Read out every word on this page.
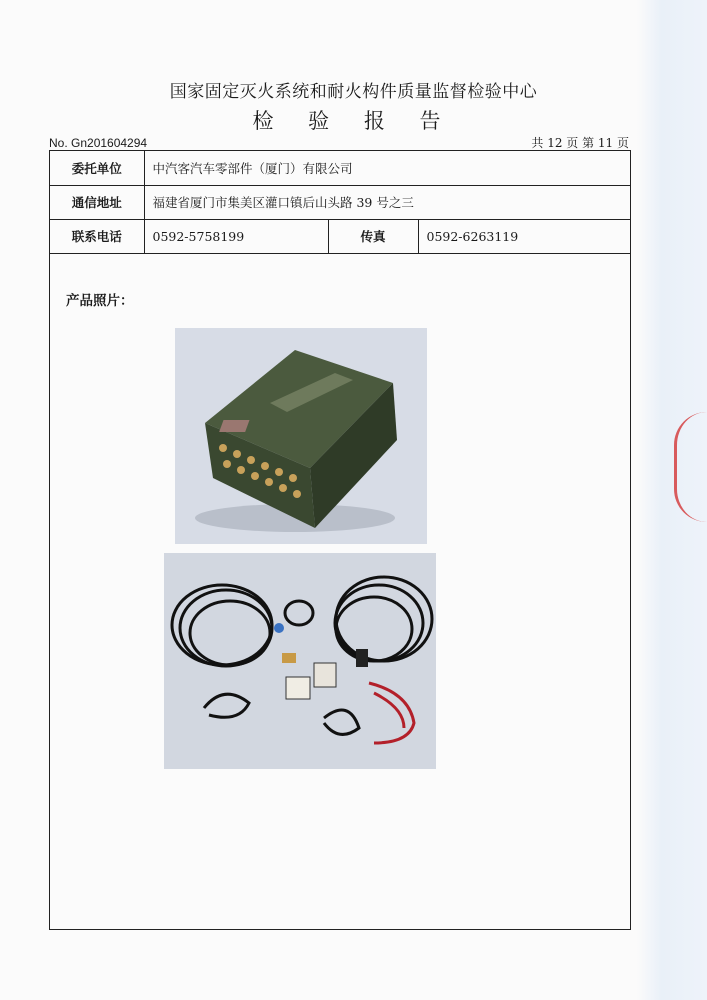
国家固定灭火系统和耐火构件质量监督检验中心
检 验 报 告
No. Gn201604294	共 12 页 第 11 页
委托单位	中汽客汽车零部件（厦门）有限公司		
通信地址	福建省厦门市集美区灌口镇后山头路 39 号之三		
联系电话	0592-5758199	传真	0592-6263119
产品照片：
